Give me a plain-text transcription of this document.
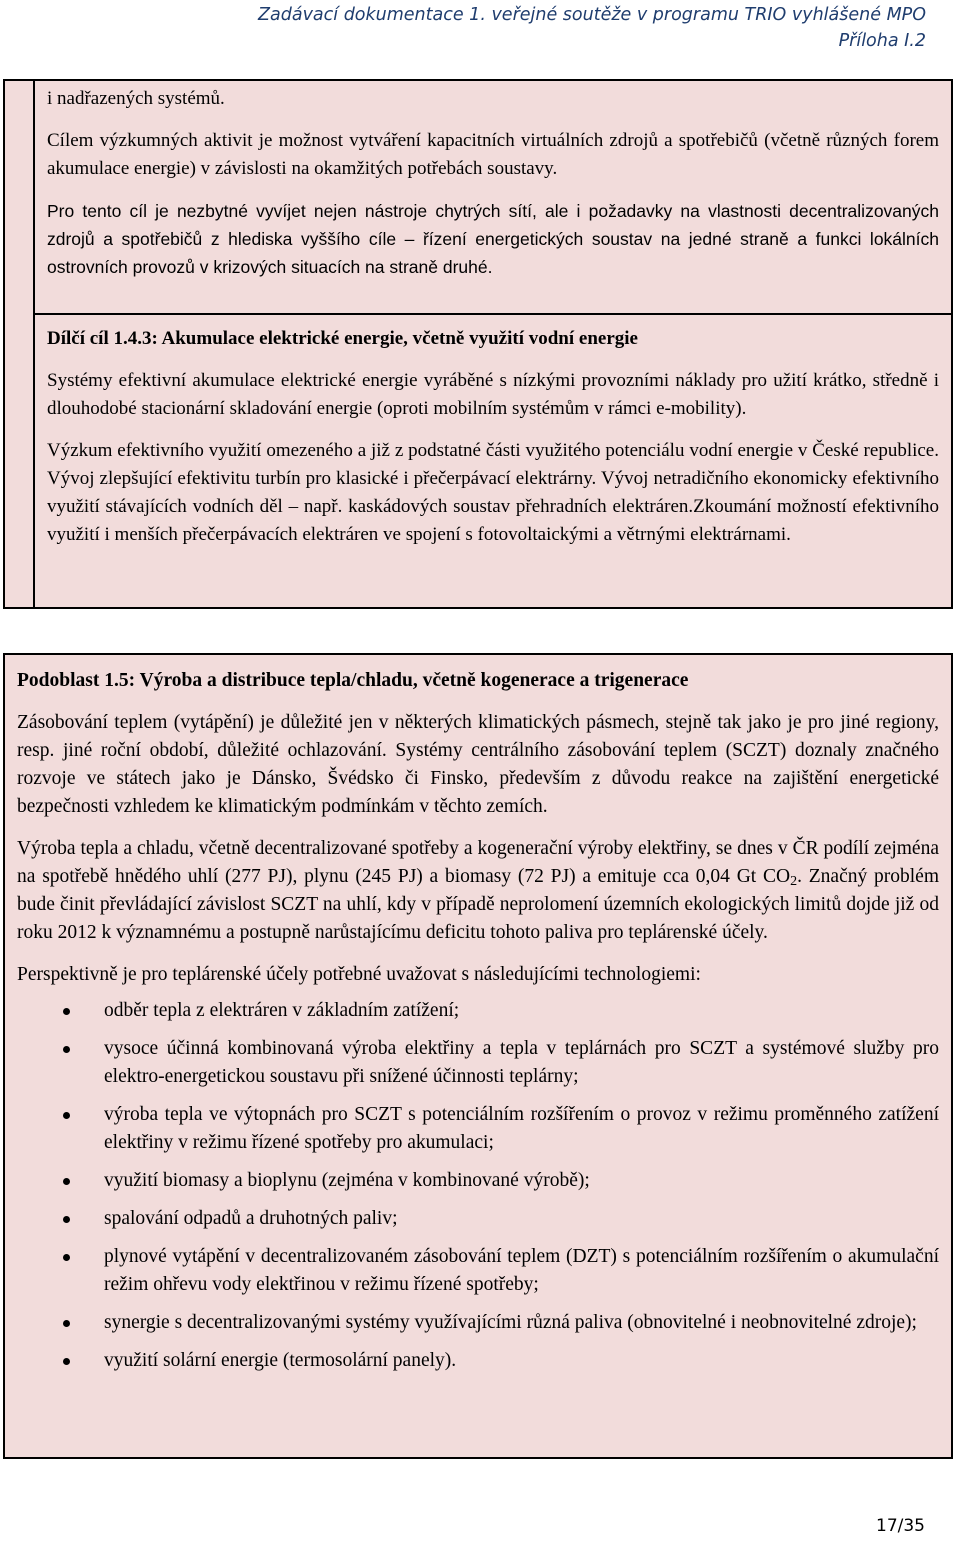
Zadávací dokumentace 1. veřejné soutěže v programu TRIO vyhlášené MPO
Příloha I.2

i nadřazených systémů.

Cílem výzkumných aktivit je možnost vytváření kapacitních virtuálních zdrojů a spotřebičů (včetně různých forem akumulace energie) v závislosti na okamžitých potřebách soustavy.

Pro tento cíl je nezbytné vyvíjet nejen nástroje chytrých sítí, ale i požadavky na vlastnosti decentralizovaných zdrojů a spotřebičů z hlediska vyššího cíle – řízení energetických soustav na jedné straně a funkci lokálních ostrovních provozů v krizových situacích na straně druhé.

Dílčí cíl 1.4.3: Akumulace elektrické energie, včetně využití vodní energie

Systémy efektivní akumulace elektrické energie vyráběné s nízkými provozními náklady pro užití krátko, středně i dlouhodobé stacionární skladování energie (oproti mobilním systémům v rámci e-mobility).

Výzkum efektivního využití omezeného a již z podstatné části využitého potenciálu vodní energie v České republice. Vývoj zlepšující efektivitu turbín pro klasické i přečerpávací elektrárny. Vývoj netradičního ekonomicky efektivního využití stávajících vodních děl – např. kaskádových soustav přehradních elektráren.Zkoumání možností efektivního využití i menších přečerpávacích elektráren ve spojení s fotovoltaickými a větrnými elektrárnami.

Podoblast 1.5: Výroba a distribuce tepla/chladu, včetně kogenerace a trigenerace

Zásobování teplem (vytápění) je důležité jen v některých klimatických pásmech, stejně tak jako je pro jiné regiony, resp. jiné roční období, důležité ochlazování. Systémy centrálního zásobování teplem (SCZT) doznaly značného rozvoje ve státech jako je Dánsko, Švédsko či Finsko, především z důvodu reakce na zajištění energetické bezpečnosti vzhledem ke klimatickým podmínkám v těchto zemích.

Výroba tepla a chladu, včetně decentralizované spotřeby a kogenerační výroby elektřiny, se dnes v ČR podílí zejména na spotřebě hnědého uhlí (277 PJ), plynu (245 PJ) a biomasy (72 PJ) a emituje cca 0,04 Gt $CO_2$. Značný problém bude činit převládající závislost SCZT na uhlí, kdy v případě neprolomení územních ekologických limitů dojde již od roku 2012 k významnému a postupně narůstajícímu deficitu tohoto paliva pro teplárenské účely.

Perspektivně je pro teplárenské účely potřebné uvažovat s následujícími technologiemi:

odběr tepla z elektráren v základním zatížení;
vysoce účinná kombinovaná výroba elektřiny a tepla v teplárnách pro SCZT a systémové služby pro elektro-energetickou soustavu při snížené účinnosti teplárny;
výroba tepla ve výtopnách pro SCZT s potenciálním rozšířením o provoz v režimu proměnného zatížení elektřiny v režimu řízené spotřeby pro akumulaci;
využití biomasy a bioplynu (zejména v kombinované výrobě);
spalování odpadů a druhotných paliv;
plynové vytápění v decentralizovaném zásobování teplem (DZT) s potenciálním rozšířením o akumulační režim ohřevu vody elektřinou v režimu řízené spotřeby;
synergie s decentralizovanými systémy využívajícími různá paliva (obnovitelné i neobnovitelné zdroje);
využití solární energie (termosolární panely).
17/35
